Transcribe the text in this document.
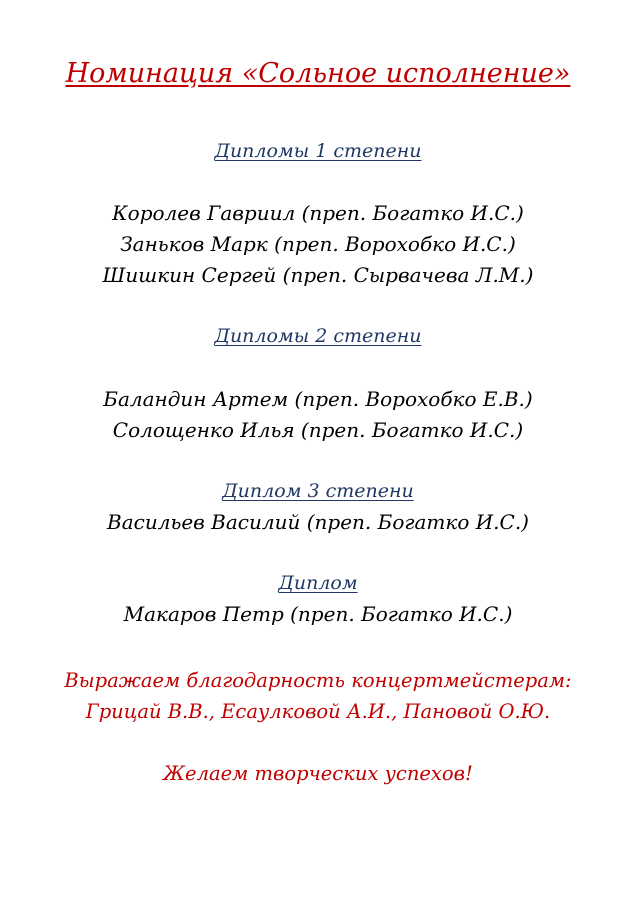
Номинация «Сольное исполнение»
Дипломы 1 степени
Королев Гавриил (преп. Богатко И.С.)
Заньков Марк (преп. Ворохобко И.С.)
Шишкин Сергей (преп. Сырвачева Л.М.)
Дипломы 2 степени
Баландин Артем (преп. Ворохобко Е.В.)
Солощенко Илья (преп. Богатко И.С.)
Диплом 3 степени
Васильев Василий (преп. Богатко И.С.)
Диплом
Макаров Петр (преп. Богатко И.С.)
Выражаем благодарность концертмейстерам:
Грицай В.В., Есаулковой А.И., Пановой О.Ю.
Желаем творческих успехов!
